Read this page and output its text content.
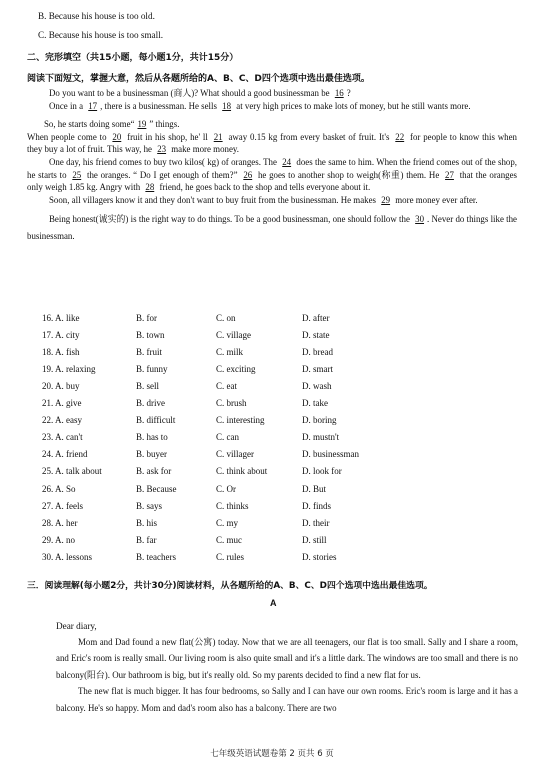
B. Because his house is too old.
C. Because his house is too small.
二、完形填空（共15小题，每小题1分，共计15分）
阅读下面短文，掌握大意，然后从各题所给的A、B、C、D四个选项中选出最佳选项。

Do you want to be a businessman (商人)? What should a good businessman be 16 ?

Once in a 17 , there is a businessman. He sells 18 at very high prices to make lots of money, but he still wants more.

So, he starts doing some“ 19 ” things.

When people come to 20 fruit in his shop, he' ll 21 away 0.15 kg from every basket of fruit. It's 22 for people to know this when they buy a lot of fruit. This way, he 23 make more money.

One day, his friend comes to buy two kilos( kg) of oranges. The 24 does the same to him. When the friend comes out of the shop, he starts to 25 the oranges. “ Do I get enough of them?” 26 he goes to another shop to weigh(称重) them. He 27 that the oranges only weigh 1.85 kg. Angry with 28 friend, he goes back to the shop and tells everyone about it.

Soon, all villagers know it and they don't want to buy fruit from the businessman. He makes 29 more money ever after.

Being honest(诚实的) is the right way to do things. To be a good businessman, one should follow the 30 . Never do things like the businessman.

16. A. like	B. for	C. on	D. after
17. A. city	B. town	C. village	D. state
18. A. fish	B. fruit	C. milk	D. bread
19. A. relaxing	B. funny	C. exciting	D. smart
20. A. buy	B. sell	C. eat	D. wash
21. A. give	B. drive	C. brush	D. take
22. A. easy	B. difficult	C. interesting	D. boring
23. A. can't	B. has to	C. can	D. mustn't
24. A. friend	B. buyer	C. villager	D. businessman
25. A. talk about	B. ask for	C. think about	D. look for
26. A. So	B. Because	C. Or	D. But
27. A. feels	B. says	C. thinks	D. finds
28. A. her	B. his	C. my	D. their
29. A. no	B. far	C. muc	D. still
30. A. lessons	B. teachers	C. rules	D. stories
三．阅读理解(每小题2分，共计30分)阅读材料，从各题所给的A、B、C、D四个选项中选出最佳选项。
A
Dear diary,

Mom and Dad found a new flat(公寓) today. Now that we are all teenagers, our flat is too small. Sally and I share a room, and Eric's room is really small. Our living room is also quite small and it's a little dark. The windows are too small and there is no balcony(阳台). Our bathroom is big, but it's really old. So my parents decided to find a new flat for us.

The new flat is much bigger. It has four bedrooms, so Sally and I can have our own rooms. Eric's room is large and it has a balcony. He's so happy. Mom and dad's room also has a balcony. There are two

七年级英语试题卷第 2 页共 6 页
